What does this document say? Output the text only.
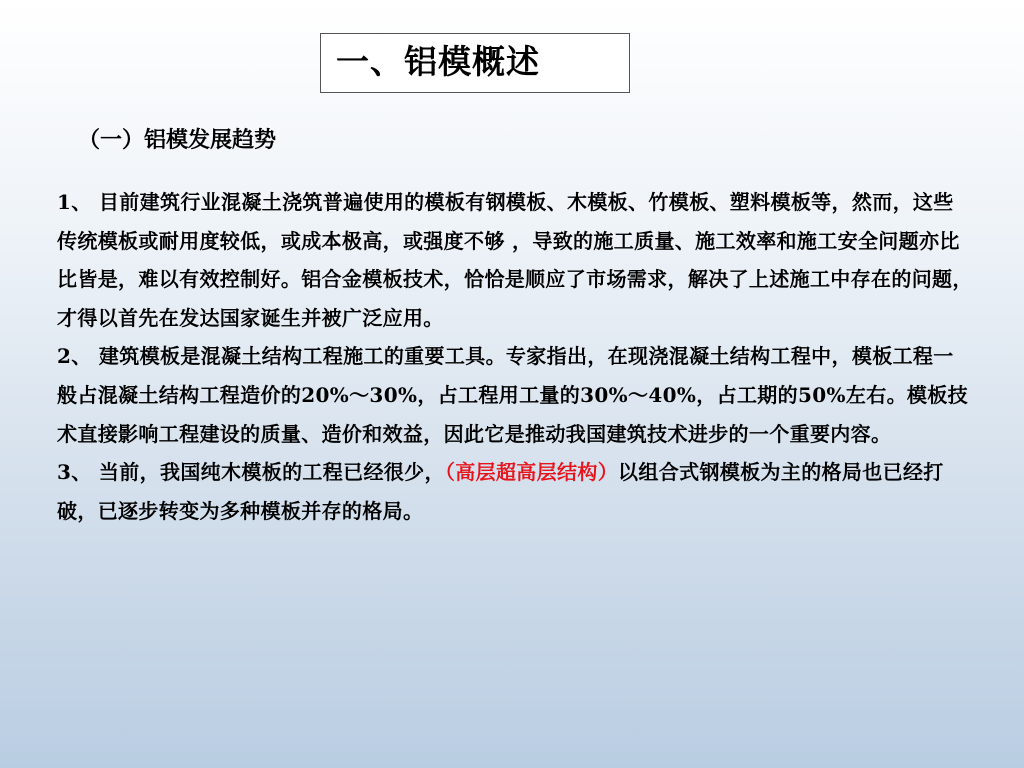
一、铝模概述
（一）铝模发展趋势

1、 目前建筑行业混凝土浇筑普遍使用的模板有钢模板、木模板、竹模板、塑料模板等，然而，这些传统模板或耐用度较低，或成本极高，或强度不够 ，导致的施工质量、施工效率和施工安全问题亦比比皆是，难以有效控制好。铝合金模板技术，恰恰是顺应了市场需求，解决了上述施工中存在的问题，才得以首先在发达国家诞生并被广泛应用。

2、 建筑模板是混凝土结构工程施工的重要工具。专家指出，在现浇混凝土结构工程中，模板工程一般占混凝土结构工程造价的20%～30%，占工程用工量的30%～40%，占工期的50%左右。模板技术直接影响工程建设的质量、造价和效益，因此它是推动我国建筑技术进步的一个重要内容。

3、 当前，我国纯木模板的工程已经很少，（高层超高层结构）以组合式钢模板为主的格局也已经打破，已逐步转变为多种模板并存的格局。
